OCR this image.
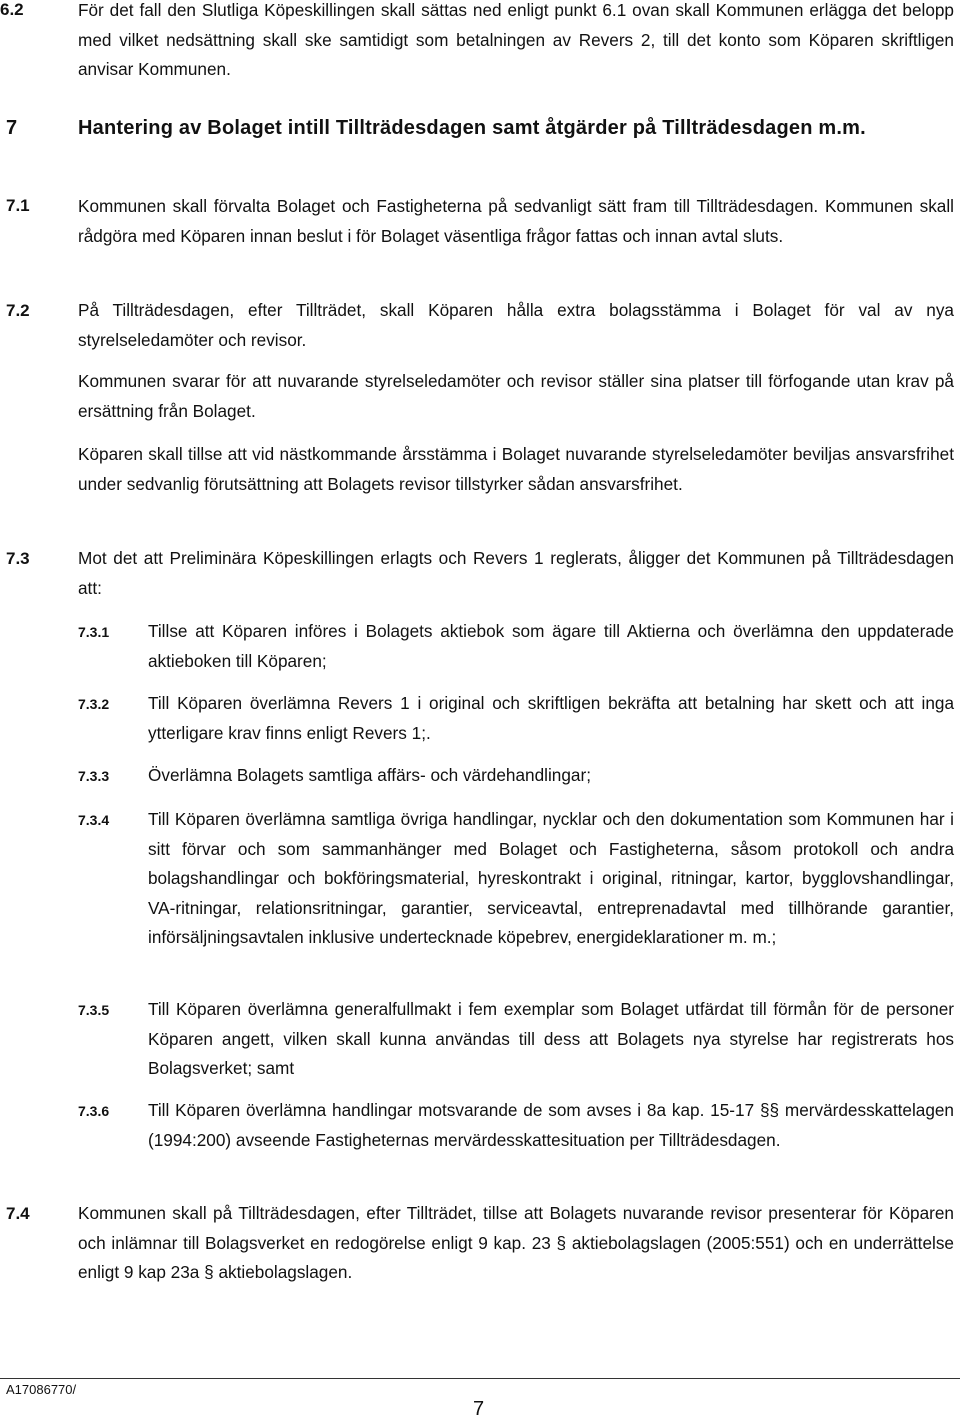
6.2	För det fall den Slutliga Köpeskillingen skall sättas ned enligt punkt 6.1 ovan skall Kommunen erlägga det belopp med vilket nedsättning skall ske samtidigt som betalningen av Revers 2, till det konto som Köparen skriftligen anvisar Kommunen.
7	Hantering av Bolaget intill Tillträdesdagen samt åtgärder på Tillträdesdagen m.m.
7.1	Kommunen skall förvalta Bolaget och Fastigheterna på sedvanligt sätt fram till Tillträdesdagen. Kommunen skall rådgöra med Köparen innan beslut i för Bolaget väsentliga frågor fattas och innan avtal sluts.
7.2	På Tillträdesdagen, efter Tillträdet, skall Köparen hålla extra bolagsstämma i Bolaget för val av nya styrelseledamöter och revisor.
Kommunen svarar för att nuvarande styrelseledamöter och revisor ställer sina platser till förfogande utan krav på ersättning från Bolaget.
Köparen skall tillse att vid nästkommande årsstämma i Bolaget nuvarande styrelseledamöter beviljas ansvarsfrihet under sedvanlig förutsättning att Bolagets revisor tillstyrker sådan ansvarsfrihet.
7.3	Mot det att Preliminära Köpeskillingen erlagts och Revers 1 reglerats, åligger det Kommunen på Tillträdesdagen att:
7.3.1 Tillse att Köparen införes i Bolagets aktiebok som ägare till Aktierna och överlämna den uppdaterade aktieboken till Köparen;
7.3.2 Till Köparen överlämna Revers 1 i original och skriftligen bekräfta att betalning har skett och att inga ytterligare krav finns enligt Revers 1;.
7.3.3 Överlämna Bolagets samtliga affärs- och värdehandlingar;
7.3.4 Till Köparen överlämna samtliga övriga handlingar, nycklar och den dokumentation som Kommunen har i sitt förvar och som sammanhänger med Bolaget och Fastigheterna, såsom protokoll och andra bolagshandlingar och bokföringsmaterial, hyreskontrakt i original, ritningar, kartor, bygglovshandlingar, VA-ritningar, relationsritningar, garantier, serviceavtal, entreprenadavtal med tillhörande garantier, införsäljningsavtalen inklusive undertecknade köpebrev, energideklarationer m. m.;
7.3.5 Till Köparen överlämna generalfullmakt i fem exemplar som Bolaget utfärdat till förmån för de personer Köparen angett, vilken skall kunna användas till dess att Bolagets nya styrelse har registrerats hos Bolagsverket; samt
7.3.6 Till Köparen överlämna handlingar motsvarande de som avses i 8a kap. 15-17 §§ mervärdesskattelagen (1994:200) avseende Fastigheternas mervärdesskattesituation per Tillträdesdagen.
7.4	Kommunen skall på Tillträdesdagen, efter Tillträdet, tillse att Bolagets nuvarande revisor presenterar för Köparen och inlämnar till Bolagsverket en redogörelse enligt 9 kap. 23 § aktiebolagslagen (2005:551) och en underrättelse enligt 9 kap 23a § aktiebolagslagen.
A17086770/
7
